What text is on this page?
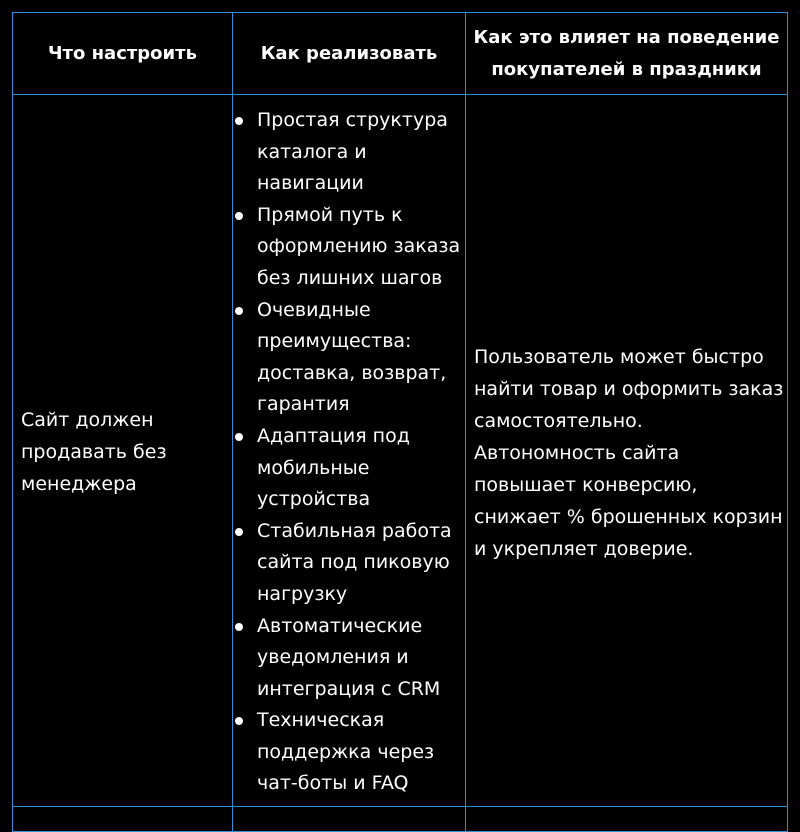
Что настроить	Как реализовать
Как это влияет на поведение покупателей в праздники
Сайт должен продавать без менеджера
Простая структура каталога и навигации
Прямой путь к оформлению заказа без лишних шагов
Очевидные преимущества: доставка, возврат, гарантия
Адаптация под мобильные устройства
Стабильная работа сайта под пиковую нагрузку
Автоматические уведомления и интеграция с CRM
Техническая поддержка через чат-боты и FAQ
Пользователь может быстро найти товар и оформить заказ самостоятельно. Автономность сайта повышает конверсию, снижает % брошенных корзин и укрепляет доверие.
